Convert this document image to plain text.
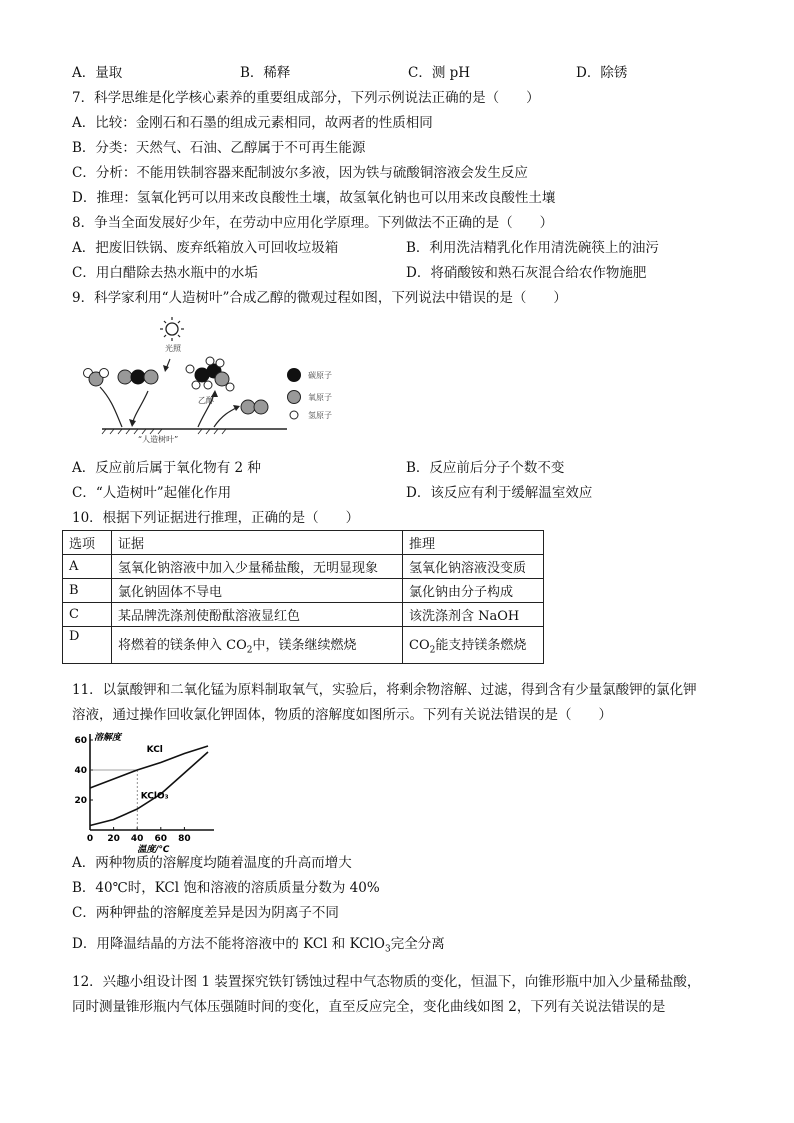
A．量取	B．稀释	C．测 pH	D．除锈
7．科学思维是化学核心素养的重要组成部分，下列示例说法正确的是（　　）
A．比较：金刚石和石墨的组成元素相同，故两者的性质相同
B．分类：天然气、石油、乙醇属于不可再生能源
C．分析：不能用铁制容器来配制波尔多液，因为铁与硫酸铜溶液会发生反应
D．推理：氢氧化钙可以用来改良酸性土壤，故氢氧化钠也可以用来改良酸性土壤
8．争当全面发展好少年，在劳动中应用化学原理。下列做法不正确的是（　　）
A．把废旧铁锅、废弃纸箱放入可回收垃圾箱	B．利用洗洁精乳化作用清洗碗筷上的油污
C．用白醋除去热水瓶中的水垢	D．将硝酸铵和熟石灰混合给农作物施肥
9．科学家利用“人造树叶”合成乙醇的微观过程如图，下列说法中错误的是（　　）
光照
乙醇
“人造树叶”
碳原子
氧原子
氢原子
A．反应前后属于氧化物有 2 种	B．反应前后分子个数不变
C．“人造树叶”起催化作用	D．该反应有利于缓解温室效应
10．根据下列证据进行推理，正确的是（　　）
选项	证据	推理
A	氢氧化钠溶液中加入少量稀盐酸，无明显现象	氢氧化钠溶液没变质
B	氯化钠固体不导电	氯化钠由分子构成
C	某品牌洗涤剂使酚酞溶液显红色	该洗涤剂含 NaOH
D	将燃着的镁条伸入 $CO_2$中，镁条继续燃烧	$CO_2$能支持镁条燃烧
11．以氯酸钾和二氧化锰为原料制取氧气，实验后，将剩余物溶解、过滤，得到含有少量氯酸钾的氯化钾
溶液，通过操作回收氯化钾固体，物质的溶解度如图所示。下列有关说法错误的是（　　）
0 20 40 60 80
20
40
60
KCl
KClO₃
溶解度
温度/℃
A．两种物质的溶解度均随着温度的升高而增大
B．40℃时，KCl 饱和溶液的溶质质量分数为 40%
C．两种钾盐的溶解度差异是因为阴离子不同
D．用降温结晶的方法不能将溶液中的 KCl 和 KClO$_3$完全分离
12．兴趣小组设计图 1 装置探究铁钉锈蚀过程中气态物质的变化，恒温下，向锥形瓶中加入少量稀盐酸，
同时测量锥形瓶内气体压强随时间的变化，直至反应完全，变化曲线如图 2，下列有关说法错误的是
